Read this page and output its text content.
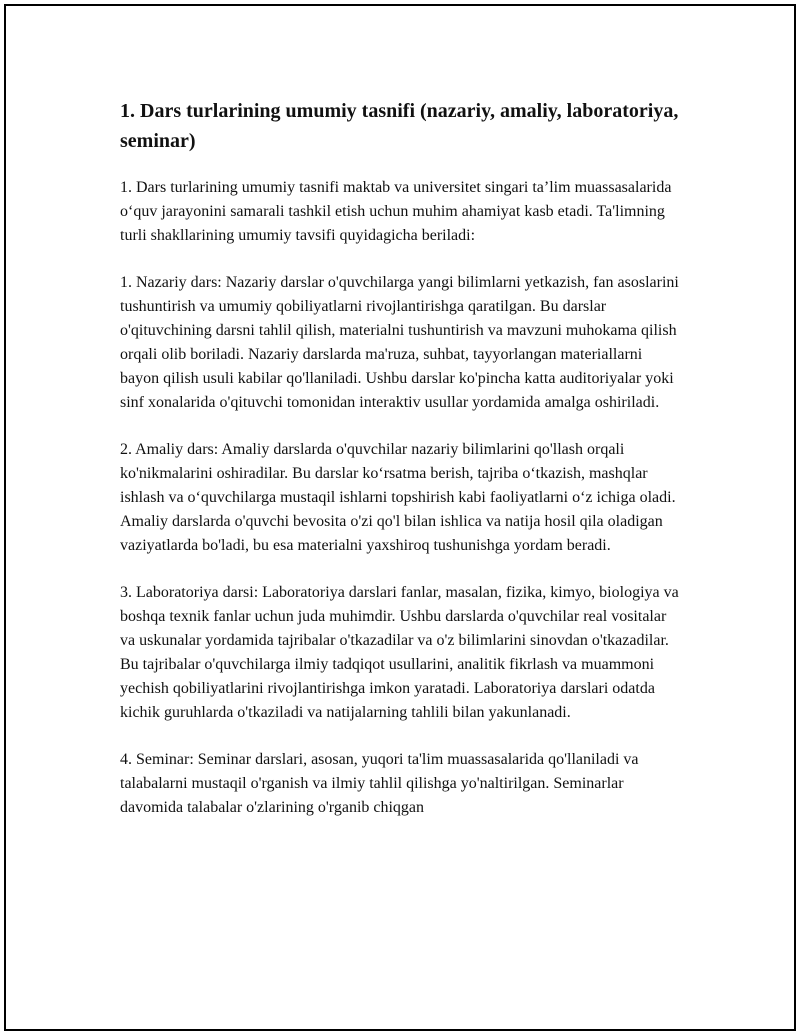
1. Dars turlarining umumiy tasnifi (nazariy, amaliy, laboratoriya, seminar)

1. Dars turlarining umumiy tasnifi maktab va universitet singari ta’lim muassasalarida o‘quv jarayonini samarali tashkil etish uchun muhim ahamiyat kasb etadi. Ta'limning turli shakllarining umumiy tavsifi quyidagicha beriladi:

1. Nazariy dars: Nazariy darslar o'quvchilarga yangi bilimlarni yetkazish, fan asoslarini tushuntirish va umumiy qobiliyatlarni rivojlantirishga qaratilgan. Bu darslar o'qituvchining darsni tahlil qilish, materialni tushuntirish va mavzuni muhokama qilish orqali olib boriladi. Nazariy darslarda ma'ruza, suhbat, tayyorlangan materiallarni bayon qilish usuli kabilar qo'llaniladi. Ushbu darslar ko'pincha katta auditoriyalar yoki sinf xonalarida o'qituvchi tomonidan interaktiv usullar yordamida amalga oshiriladi.

2. Amaliy dars: Amaliy darslarda o'quvchilar nazariy bilimlarini qo'llash orqali ko'nikmalarini oshiradilar. Bu darslar ko‘rsatma berish, tajriba o‘tkazish, mashqlar ishlash va o‘quvchilarga mustaqil ishlarni topshirish kabi faoliyatlarni o‘z ichiga oladi. Amaliy darslarda o'quvchi bevosita o'zi qo'l bilan ishlica va natija hosil qila oladigan vaziyatlarda bo'ladi, bu esa materialni yaxshiroq tushunishga yordam beradi.

3. Laboratoriya darsi: Laboratoriya darslari fanlar, masalan, fizika, kimyo, biologiya va boshqa texnik fanlar uchun juda muhimdir. Ushbu darslarda o'quvchilar real vositalar va uskunalar yordamida tajribalar o'tkazadilar va o'z bilimlarini sinovdan o'tkazadilar. Bu tajribalar o'quvchilarga ilmiy tadqiqot usullarini, analitik fikrlash va muammoni yechish qobiliyatlarini rivojlantirishga imkon yaratadi. Laboratoriya darslari odatda kichik guruhlarda o'tkaziladi va natijalarning tahlili bilan yakunlanadi.

4. Seminar: Seminar darslari, asosan, yuqori ta'lim muassasalarida qo'llaniladi va talabalarni mustaqil o'rganish va ilmiy tahlil qilishga yo'naltirilgan. Seminarlar davomida talabalar o'zlarining o'rganib chiqgan
